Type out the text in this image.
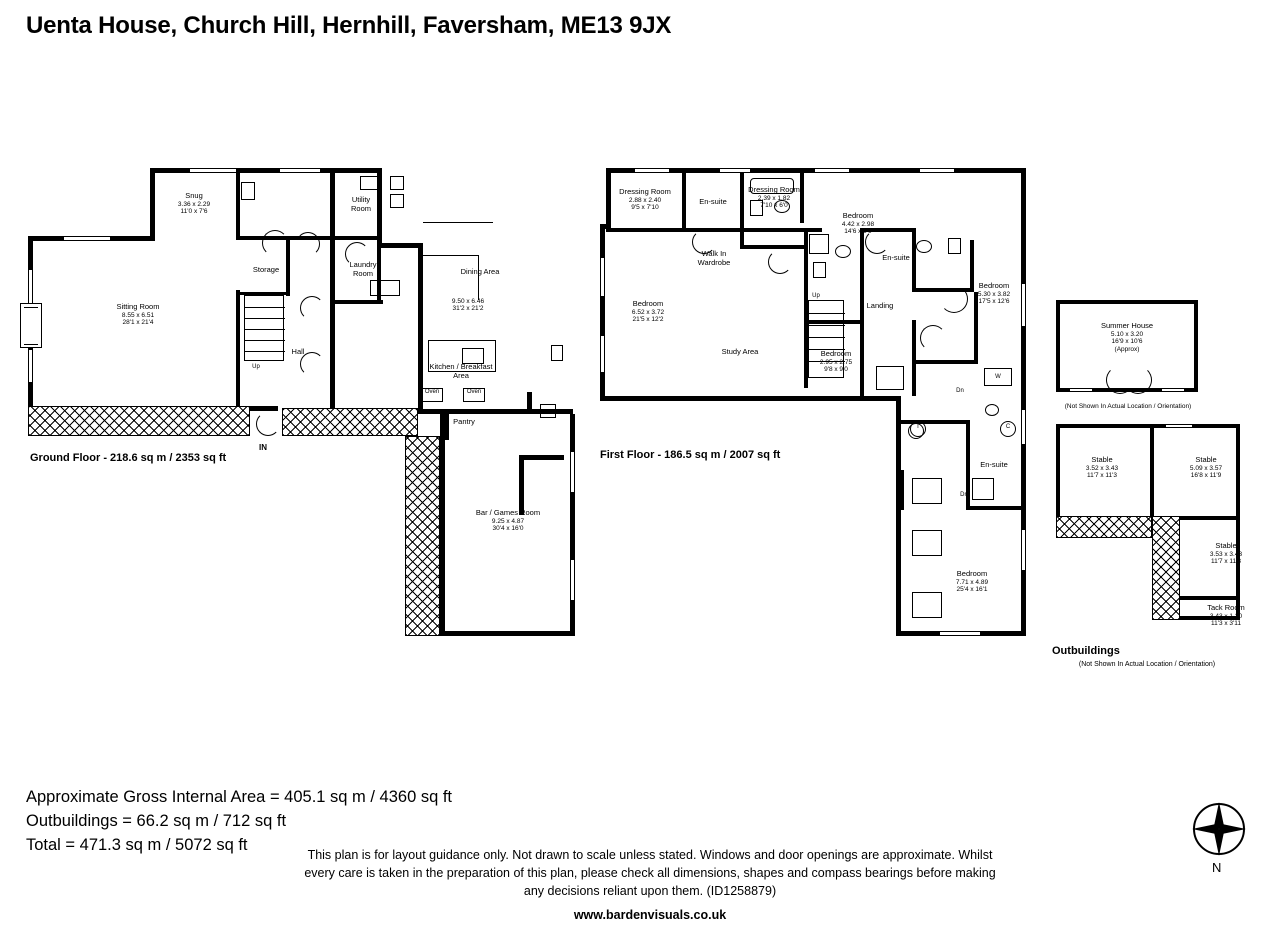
Uenta House, Church Hill, Hernhill, Faversham, ME13 9JX
Snug
3.36 x 2.29
11'0 x 7'6
Utility Room
Storage
Laundry Room
Sitting Room
8.55 x 6.51
28'1 x 21'4
Dining Area
9.50 x 6.46
31'2 x 21'2
Hall
Kitchen / Breakfast Area
Pantry
Bar / Games Room
9.25 x 4.87
30'4 x 16'0
Up
IN
Oven	Oven
Ground Floor - 218.6 sq m / 2353 sq ft
Dressing Room
2.88 x 2.40
9'5 x 7'10
En-suite
Dressing Room
2.39 x 1.82
7'10 x 6'0
Bedroom
4.42 x 2.98
14'6 x 9'9
Walk In Wardrobe
En-suite
Bedroom
5.30 x 3.82
17'5 x 12'6
Bedroom
6.52 x 3.72
21'5 x 12'2
Landing
Study Area	Bedroom
2.95 x 2.75
9'8 x 9'0
En-suite
Bedroom
7.71 x 4.89
25'4 x 16'1
Up
Dn
Dn
W
T	C
First Floor - 186.5 sq m / 2007 sq ft
Summer House
5.10 x 3.20
16'9 x 10'6
(Approx)
(Not Shown In Actual Location / Orientation)
Stable
3.52 x 3.43
11'7 x 11'3
Stable
5.09 x 3.57
16'8 x 11'9
Stable
3.53 x 3.43
11'7 x 11'3
Tack Room
3.43 x 1.20
11'3 x 3'11
Outbuildings
(Not Shown In Actual Location / Orientation)
Approximate Gross Internal Area = 405.1 sq m / 4360 sq ft
Outbuildings = 66.2 sq m / 712 sq ft
Total = 471.3 sq m / 5072 sq ft
This plan is for layout guidance only. Not drawn to scale unless stated. Windows and door openings are approximate. Whilst every care is taken in the preparation of this plan, please check all dimensions, shapes and compass bearings before making any decisions reliant upon them. (ID1258879)
www.bardenvisuals.co.uk
N
